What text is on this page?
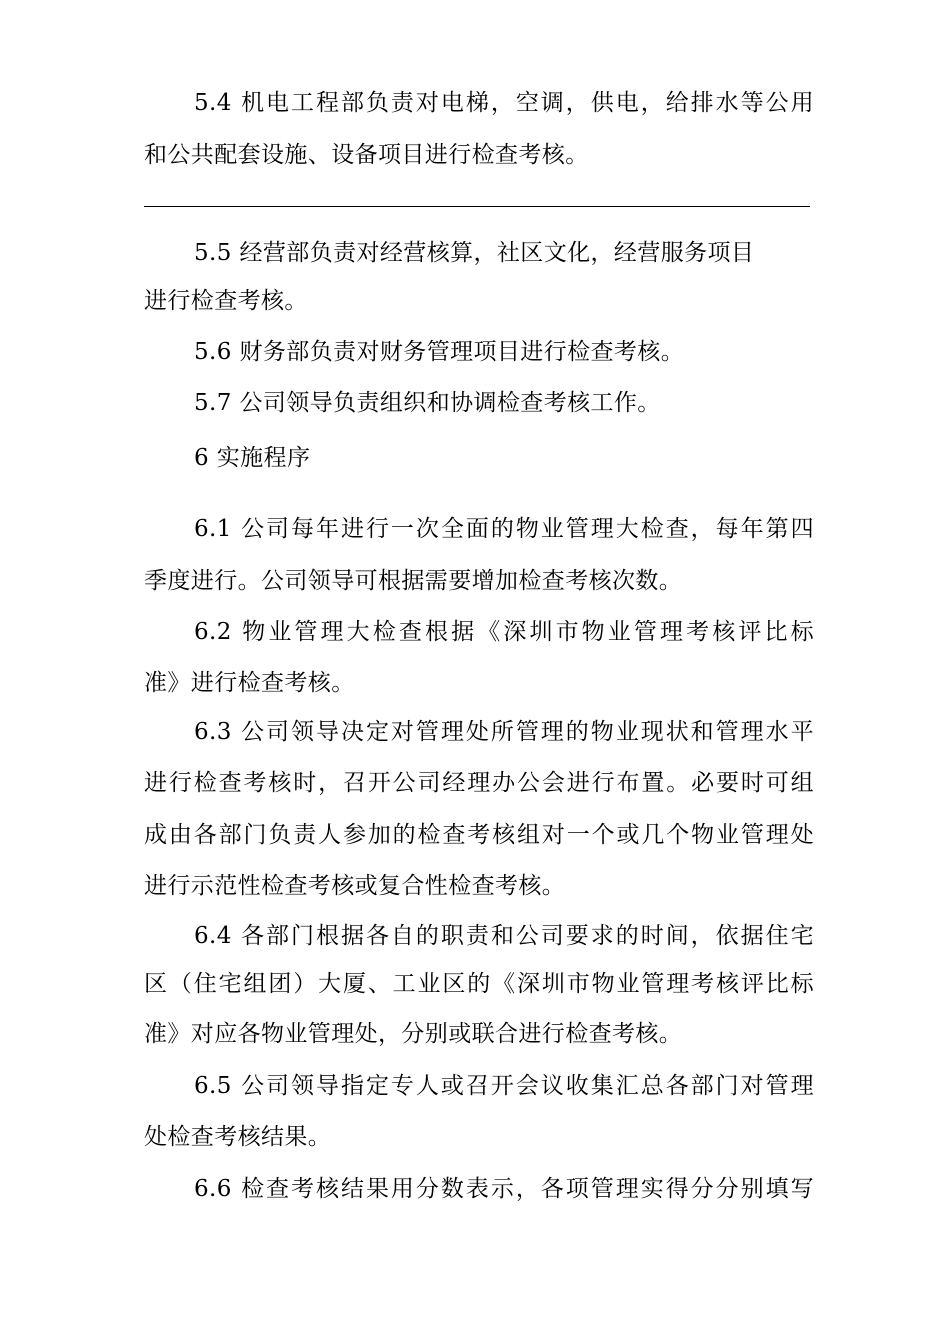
5.4 机电工程部负责对电梯，空调，供电，给排水等公用
和公共配套设施、设备项目进行检查考核。
5.5 经营部负责对经营核算，社区文化，经营服务项目
进行检查考核。
5.6 财务部负责对财务管理项目进行检查考核。
5.7 公司领导负责组织和协调检查考核工作。
6 实施程序
6.1 公司每年进行一次全面的物业管理大检查，每年第四
季度进行。公司领导可根据需要增加检查考核次数。
6.2 物业管理大检查根据《深圳市物业管理考核评比标
准》进行检查考核。
6.3 公司领导决定对管理处所管理的物业现状和管理水平
进行检查考核时，召开公司经理办公会进行布置。必要时可组
成由各部门负责人参加的检查考核组对一个或几个物业管理处
进行示范性检查考核或复合性检查考核。
6.4 各部门根据各自的职责和公司要求的时间，依据住宅
区（住宅组团）大厦、工业区的《深圳市物业管理考核评比标
准》对应各物业管理处，分别或联合进行检查考核。
6.5 公司领导指定专人或召开会议收集汇总各部门对管理
处检查考核结果。
6.6 检查考核结果用分数表示，各项管理实得分分别填写
